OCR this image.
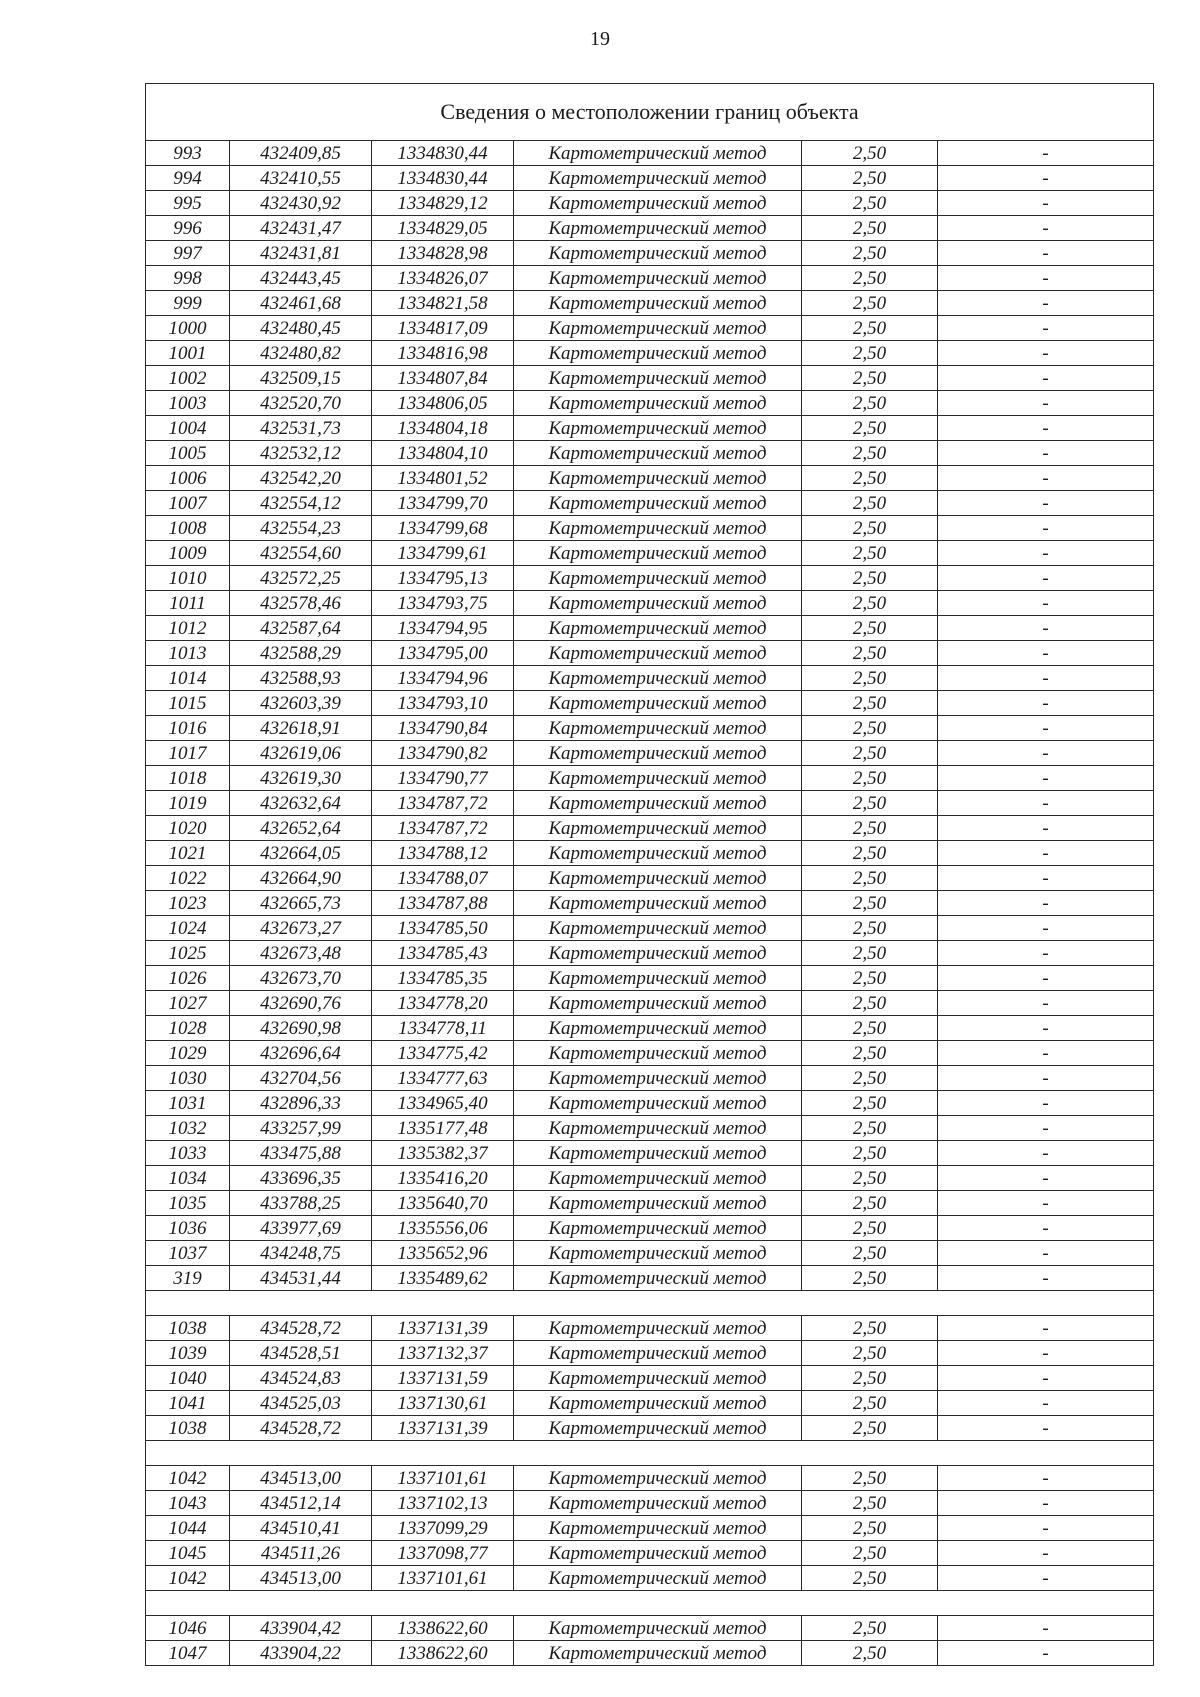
19
Сведения о местоположении границ объекта					
993	432409,85	1334830,44	Картометрический метод	2,50	-
994	432410,55	1334830,44	Картометрический метод	2,50	-
995	432430,92	1334829,12	Картометрический метод	2,50	-
996	432431,47	1334829,05	Картометрический метод	2,50	-
997	432431,81	1334828,98	Картометрический метод	2,50	-
998	432443,45	1334826,07	Картометрический метод	2,50	-
999	432461,68	1334821,58	Картометрический метод	2,50	-
1000	432480,45	1334817,09	Картометрический метод	2,50	-
1001	432480,82	1334816,98	Картометрический метод	2,50	-
1002	432509,15	1334807,84	Картометрический метод	2,50	-
1003	432520,70	1334806,05	Картометрический метод	2,50	-
1004	432531,73	1334804,18	Картометрический метод	2,50	-
1005	432532,12	1334804,10	Картометрический метод	2,50	-
1006	432542,20	1334801,52	Картометрический метод	2,50	-
1007	432554,12	1334799,70	Картометрический метод	2,50	-
1008	432554,23	1334799,68	Картометрический метод	2,50	-
1009	432554,60	1334799,61	Картометрический метод	2,50	-
1010	432572,25	1334795,13	Картометрический метод	2,50	-
1011	432578,46	1334793,75	Картометрический метод	2,50	-
1012	432587,64	1334794,95	Картометрический метод	2,50	-
1013	432588,29	1334795,00	Картометрический метод	2,50	-
1014	432588,93	1334794,96	Картометрический метод	2,50	-
1015	432603,39	1334793,10	Картометрический метод	2,50	-
1016	432618,91	1334790,84	Картометрический метод	2,50	-
1017	432619,06	1334790,82	Картометрический метод	2,50	-
1018	432619,30	1334790,77	Картометрический метод	2,50	-
1019	432632,64	1334787,72	Картометрический метод	2,50	-
1020	432652,64	1334787,72	Картометрический метод	2,50	-
1021	432664,05	1334788,12	Картометрический метод	2,50	-
1022	432664,90	1334788,07	Картометрический метод	2,50	-
1023	432665,73	1334787,88	Картометрический метод	2,50	-
1024	432673,27	1334785,50	Картометрический метод	2,50	-
1025	432673,48	1334785,43	Картометрический метод	2,50	-
1026	432673,70	1334785,35	Картометрический метод	2,50	-
1027	432690,76	1334778,20	Картометрический метод	2,50	-
1028	432690,98	1334778,11	Картометрический метод	2,50	-
1029	432696,64	1334775,42	Картометрический метод	2,50	-
1030	432704,56	1334777,63	Картометрический метод	2,50	-
1031	432896,33	1334965,40	Картометрический метод	2,50	-
1032	433257,99	1335177,48	Картометрический метод	2,50	-
1033	433475,88	1335382,37	Картометрический метод	2,50	-
1034	433696,35	1335416,20	Картометрический метод	2,50	-
1035	433788,25	1335640,70	Картометрический метод	2,50	-
1036	433977,69	1335556,06	Картометрический метод	2,50	-
1037	434248,75	1335652,96	Картометрический метод	2,50	-
319	434531,44	1335489,62	Картометрический метод	2,50	-

1038	434528,72	1337131,39	Картометрический метод	2,50	-
1039	434528,51	1337132,37	Картометрический метод	2,50	-
1040	434524,83	1337131,59	Картометрический метод	2,50	-
1041	434525,03	1337130,61	Картометрический метод	2,50	-
1038	434528,72	1337131,39	Картометрический метод	2,50	-

1042	434513,00	1337101,61	Картометрический метод	2,50	-
1043	434512,14	1337102,13	Картометрический метод	2,50	-
1044	434510,41	1337099,29	Картометрический метод	2,50	-
1045	434511,26	1337098,77	Картометрический метод	2,50	-
1042	434513,00	1337101,61	Картометрический метод	2,50	-

1046	433904,42	1338622,60	Картометрический метод	2,50	-
1047	433904,22	1338622,60	Картометрический метод	2,50	-
